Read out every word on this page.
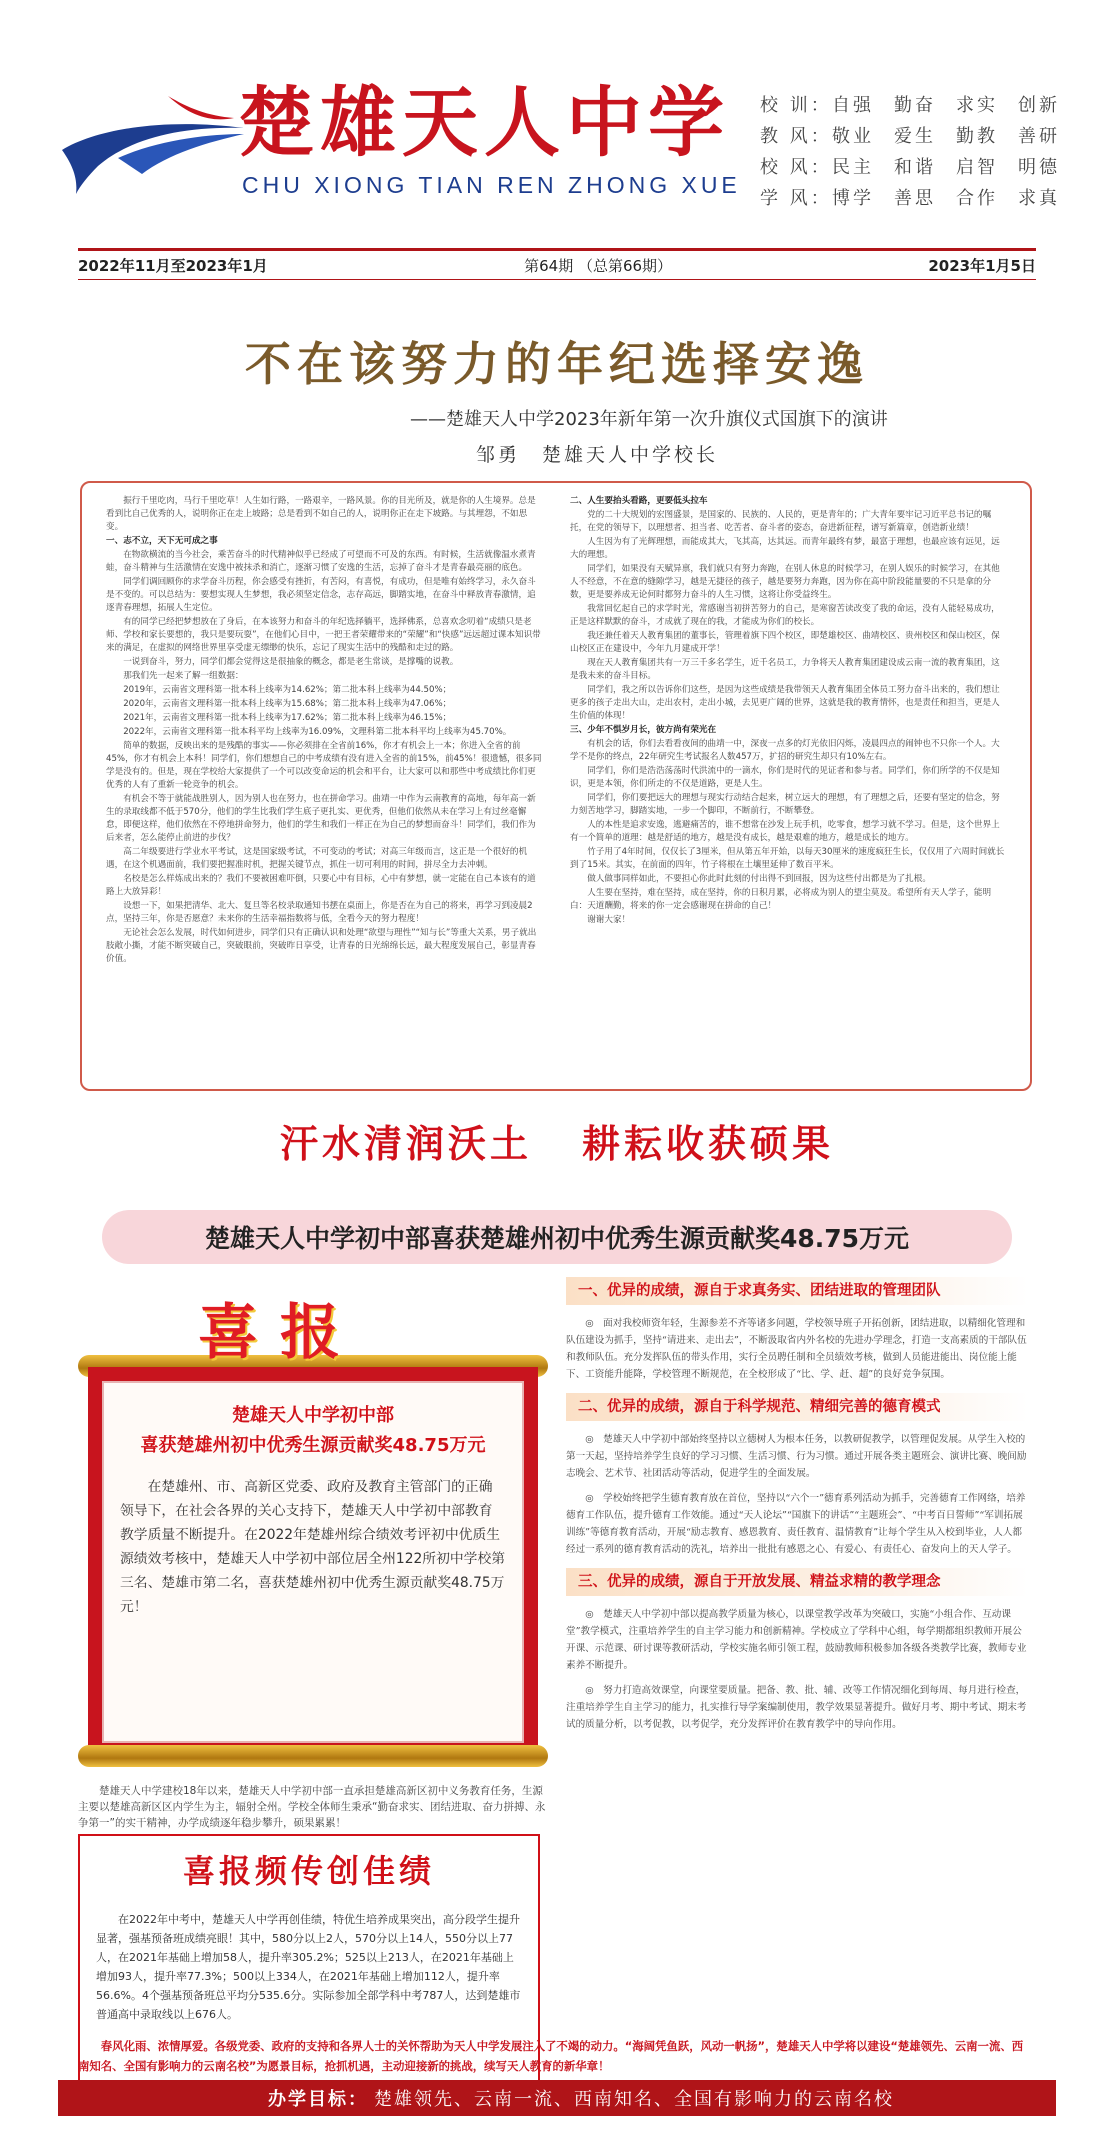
楚雄天人中学
CHU XIONG TIAN REN ZHONG XUE
校 训： 自强 勤奋 求实 创新
教 风： 敬业 爱生 勤教 善研
校 风： 民主 和谐 启智 明德
学 风： 博学 善思 合作 求真
2022年11月至2023年1月	第64期 （总第66期）	2023年1月5日
不在该努力的年纪选择安逸
——楚雄天人中学2023年新年第一次升旗仪式国旗下的演讲
邹勇　楚雄天人中学校长

振行千里吃肉，马行千里吃草！人生如行路，一路艰辛，一路风景。你的目光所及，就是你的人生境界。总是看到比自己优秀的人，说明你正在走上坡路；总是看到不如自己的人，说明你正在走下坡路。与其埋怨，不如思变。

一、志不立，天下无可成之事

在物欲横流的当今社会，乘苦奋斗的时代精神似乎已经成了可望而不可及的东西。有时候，生活就像温水煮青蛙，奋斗精神与生活激情在安逸中被抹杀和消亡，逐渐习惯了安逸的生活，忘掉了奋斗才是青春最亮丽的底色。

同学们调回顾你的求学奋斗历程，你会感受有挫折，有苦闷，有喜悦，有成功，但是唯有始终学习，永久奋斗是不变的。可以总结为：要想实现人生梦想，我必须坚定信念，志存高远，脚踏实地，在奋斗中释放青春激情，追逐青春理想，拓展人生定位。

有的同学已经把梦想放在了身后，在本该努力和奋斗的年纪选择躺平，选择佛系，总喜欢念叨着“成绩只是老师、学校和家长要想的，我只是要玩耍”，在他们心目中，一把王者荣耀带来的“荣耀”和“快感”远远超过课本知识带来的满足，在虚拟的网络世界里享受虚无缥缈的快乐，忘记了现实生活中的残酷和走过的路。

一说到奋斗，努力，同学们都会觉得这是很抽象的概念，都是老生常谈，是撑嘴的说教。

那我们先一起来了解一组数据：

2019年，云南省文理科第一批本科上线率为14.62%；第二批本科上线率为44.50%；

2020年，云南省文理科第一批本科上线率为15.68%；第二批本科上线率为47.06%；

2021年，云南省文理科第一批本科上线率为17.62%；第二批本科上线率为46.15%；

2022年，云南省文理科第一批本科平均上线率为16.09%，文理科第二批本科平均上线率为45.70%。

简单的数据，反映出来的是残酷的事实——你必须排在全省前16%，你才有机会上一本；你进入全省的前45%，你才有机会上本科！同学们，你们想想自己的中考成绩有没有进入全省的前15%，前45%！很遗憾，很多同学是没有的。但是，现在学校给大家提供了一个可以改变命运的机会和平台，让大家可以和那些中考成绩比你们更优秀的人有了重新一轮竞争的机会。

有机会不等于就能战胜别人，因为别人也在努力，也在拼命学习。曲靖一中作为云南教育的高地，每年高一新生的录取线都不低于570分，他们的学生比我们学生底子更扎实、更优秀，但他们依然从未在学习上有过丝毫懈怠，即便这样，他们依然在不停地拼命努力，他们的学生和我们一样正在为自己的梦想而奋斗！同学们，我们作为后来者，怎么能停止前进的步伐？

高二年级要进行学业水平考试，这是国家级考试，不可变动的考试；对高三年级而言，这正是一个很好的机遇，在这个机遇面前，我们要把握准时机，把握关键节点，抓住一切可利用的时间，拼尽全力去冲刺。

名校是怎么样炼成出来的？我们不要被困难吓倒，只要心中有目标，心中有梦想，就一定能在自己本该有的道路上大放异彩！

设想一下，如果把清华、北大、复旦等名校录取通知书摆在桌面上，你是否在为自己的将来，再学习到凌晨2点，坚持三年，你是否愿意？未来你的生活幸福指数将与低，全看今天的努力程度！

无论社会怎么发展，时代如何进步，同学们只有正确认识和处理“欲望与理性”“知与长”等重大关系，男子就出肢敞小撕，才能不断突破自己，突破眼前，突破昨日享受，让青春的日光绵绵长远，最大程度发展自己，彰显青春价值。

二、人生要抬头看路，更要低头拉车

党的二十大规划的宏图盛景，是国家的、民族的、人民的，更是青年的；广大青年要牢记习近平总书记的嘱托，在党的领导下，以理想者、担当者、吃苦者、奋斗者的姿态，奋进新征程，谱写新篇章，创造新业绩！

人生因为有了光辉理想，而能成其大，飞其高，达其远。而青年最终有梦，最富于理想，也最应该有远见，远大的理想。

同学们，如果没有天赋异禀，我们就只有努力奔跑，在别人休息的时候学习，在别人娱乐的时候学习，在其他人不经意，不在意的缝隙学习，越是无捷径的孩子，越是要努力奔跑，因为你在高中阶段能量要的不只是拿的分数，更是要养成无论何时都努力奋斗的人生习惯，这将让你受益终生。

我常回忆起自己的求学时光，常感谢当初拼苦努力的自己，是寒窗苦读改变了我的命运，没有人能轻易成功，正是这样默默的奋斗，才成就了现在的我，才能成为你们的校长。

我还兼任着天人教育集团的董事长，管理着旗下四个校区，即楚雄校区、曲靖校区、贵州校区和保山校区，保山校区正在建设中，今年九月建成开学！

现在天人教育集团共有一万三千多名学生，近千名员工，力争将天人教育集团建设成云南一流的教育集团，这是我未来的奋斗目标。

同学们，我之所以告诉你们这些，是因为这些成绩是我带领天人教育集团全体员工努力奋斗出来的，我们想让更多的孩子走出大山，走出农村，走出小城，去见更广阔的世界，这就是我的教育情怀，也是责任和担当，更是人生价值的体现！

三、少年不惧岁月长，彼方尚有荣光在

有机会的话，你们去看看夜间的曲靖一中，深夜一点多的灯光依旧闪烁，凌晨四点的闹钟也不只你一个人。大学不是你的终点，22年研究生考试报名人数457万，扩招的研究生却只有10%左右。

同学们，你们是浩浩荡荡时代洪流中的一滴水，你们是时代的见证者和参与者。同学们，你们所学的不仅是知识，更是本领，你们所走的不仅是道路，更是人生。

同学们，你们要把远大的理想与现实行动结合起来，树立远大的理想，有了理想之后，还要有坚定的信念，努力刻苦地学习，脚踏实地，一步一个脚印，不断前行，不断攀登。

人的本性是追求安逸，逃避痛苦的，谁不想常在沙发上玩手机，吃零食，想学习就不学习。但是，这个世界上有一个简单的道理：越是舒适的地方，越是没有成长，越是艰难的地方，越是成长的地方。

竹子用了4年时间，仅仅长了3厘米，但从第五年开始，以每天30厘米的速度疯狂生长，仅仅用了六周时间就长到了15米。其实，在前面的四年，竹子将根在土壤里延伸了数百平米。

做人做事同样如此，不要担心你此时此刻的付出得不到回报，因为这些付出都是为了扎根。

人生要在坚持，难在坚持，成在坚持，你的日积月累，必将成为别人的望尘莫及。希望所有天人学子，能明白：天道酬勤，将来的你一定会感谢现在拼命的自己！

谢谢大家！

汗水清润沃土 耕耘收获硕果
楚雄天人中学初中部喜获楚雄州初中优秀生源贡献奖48.75万元
楚雄天人中学初中部
喜获楚雄州初中优秀生源贡献奖48.75万元
在楚雄州、市、高新区党委、政府及教育主管部门的正确领导下，在社会各界的关心支持下，楚雄天人中学初中部教育教学质量不断提升。在2022年楚雄州综合绩效考评初中优质生源绩效考核中，楚雄天人中学初中部位居全州122所初中学校第三名、楚雄市第二名，喜获楚雄州初中优秀生源贡献奖48.75万元！
喜报
楚雄天人中学建校18年以来，楚雄天人中学初中部一直承担楚雄高新区初中义务教育任务，生源主要以楚雄高新区区内学生为主，辐射全州。学校全体师生秉承“勤奋求实、团结进取、奋力拼搏、永争第一”的实干精神，办学成绩逐年稳步攀升，硕果累累！
喜报频传创佳绩
在2022年中考中，楚雄天人中学再创佳绩，特优生培养成果突出，高分段学生提升显著，强基预备班成绩亮眼！其中，580分以上2人，570分以上14人，550分以上77人，在2021年基础上增加58人，提升率305.2%；525以上213人，在2021年基础上增加93人，提升率77.3%；500以上334人，在2021年基础上增加112人，提升率56.6%。4个强基预备班总平均分535.6分。实际参加全部学科中考787人，达到楚雄市普通高中录取线以上676人。
一、优异的成绩，源自于求真务实、团结进取的管理团队

◎　面对我校师资年轻，生源参差不齐等诸多问题，学校领导班子开拓创新，团结进取，以精细化管理和队伍建设为抓手，坚持“请进来、走出去”，不断汲取省内外名校的先进办学理念，打造一支高素质的干部队伍和教师队伍。充分发挥队伍的带头作用，实行全员聘任制和全员绩效考核，做到人员能进能出、岗位能上能下、工资能升能降，学校管理不断规范，在全校形成了“比、学、赶、超”的良好竞争氛围。

二、优异的成绩，源自于科学规范、精细完善的德育模式

◎　楚雄天人中学初中部始终坚持以立德树人为根本任务，以教研促教学，以管理促发展。从学生入校的第一天起，坚持培养学生良好的学习习惯、生活习惯、行为习惯。通过开展各类主题班会、演讲比赛、晚间励志晚会、艺术节、社团活动等活动，促进学生的全面发展。

◎　学校始终把学生德育教育放在首位，坚持以“六个一”德育系列活动为抓手，完善德育工作网络，培养德育工作队伍，提升德育工作效能。通过“天人论坛”“国旗下的讲话”“主题班会”、“中考百日誓师”“军训拓展训练”等德育教育活动，开展“励志教育、感恩教育、责任教育、温情教育”让每个学生从入校到毕业，人人都经过一系列的德育教育活动的洗礼，培养出一批批有感恩之心、有爱心、有责任心、奋发向上的天人学子。

三、优异的成绩，源自于开放发展、精益求精的教学理念

◎　楚雄天人中学初中部以提高教学质量为核心，以课堂教学改革为突破口，实施“小组合作、互动课堂”教学模式，注重培养学生的自主学习能力和创新精神。学校成立了学科中心组，每学期都组织教师开展公开课、示范课、研讨课等教研活动，学校实施名师引领工程，鼓励教师积极参加各级各类教学比赛，教师专业素养不断提升。

◎　努力打造高效课堂，向课堂要质量。把备、教、批、辅、改等工作情况细化到每周、每月进行检查，注重培养学生自主学习的能力，扎实推行导学案编制使用，教学效果显著提升。做好月考、期中考试、期末考试的质量分析，以考促教，以考促学，充分发挥评价在教育教学中的导向作用。

春风化雨、浓情厚爱。各级党委、政府的支持和各界人士的关怀帮助为天人中学发展注入了不竭的动力。“海阔凭鱼跃，风动一帆扬”，楚雄天人中学将以建设“楚雄领先、云南一流、西南知名、全国有影响力的云南名校”为愿景目标，抢抓机遇，主动迎接新的挑战，续写天人教育的新华章！
办学目标： 楚雄领先、云南一流、西南知名、全国有影响力的云南名校
